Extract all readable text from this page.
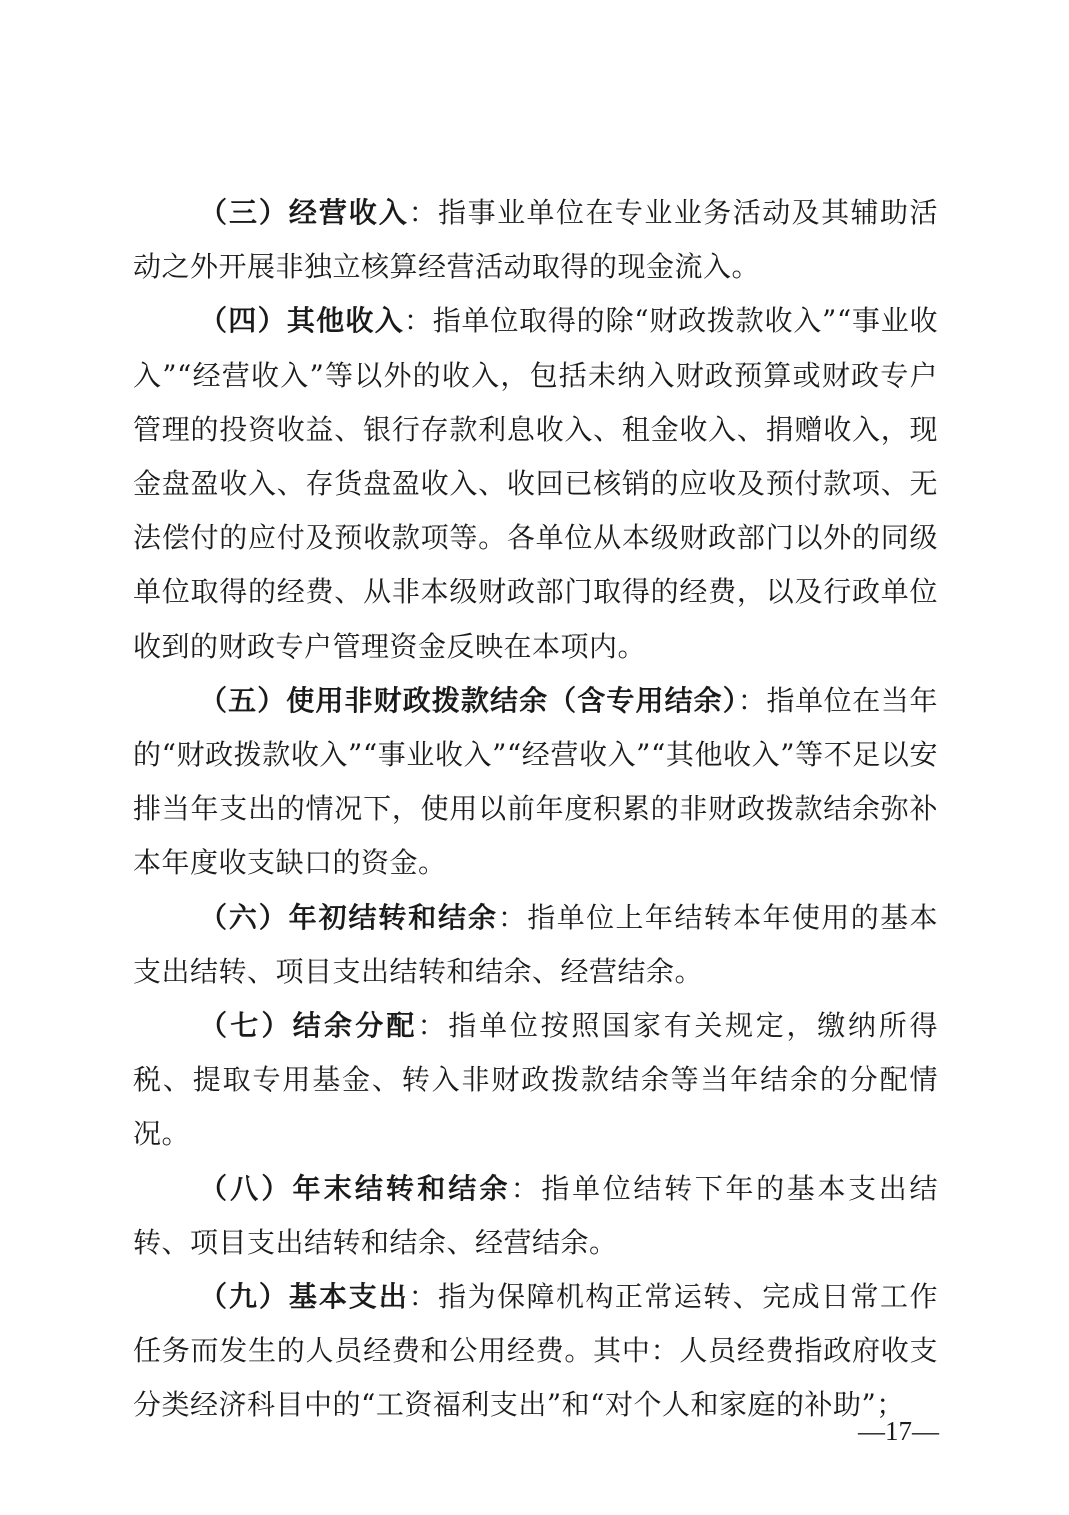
（三）经营收入：指事业单位在专业业务活动及其辅助活动之外开展非独立核算经营活动取得的现金流入。

（四）其他收入：指单位取得的除“财政拨款收入”“事业收入”“经营收入”等以外的收入，包括未纳入财政预算或财政专户管理的投资收益、银行存款利息收入、租金收入、捐赠收入，现金盘盈收入、存货盘盈收入、收回已核销的应收及预付款项、无法偿付的应付及预收款项等。各单位从本级财政部门以外的同级单位取得的经费、从非本级财政部门取得的经费，以及行政单位收到的财政专户管理资金反映在本项内。

（五）使用非财政拨款结余（含专用结余）：指单位在当年的“财政拨款收入”“事业收入”“经营收入”“其他收入”等不足以安排当年支出的情况下，使用以前年度积累的非财政拨款结余弥补本年度收支缺口的资金。

（六）年初结转和结余：指单位上年结转本年使用的基本支出结转、项目支出结转和结余、经营结余。

（七）结余分配：指单位按照国家有关规定，缴纳所得税、提取专用基金、转入非财政拨款结余等当年结余的分配情况。

（八）年末结转和结余：指单位结转下年的基本支出结转、项目支出结转和结余、经营结余。

（九）基本支出：指为保障机构正常运转、完成日常工作任务而发生的人员经费和公用经费。其中：人员经费指政府收支分类经济科目中的“工资福利支出”和“对个人和家庭的补助”；

—17—
